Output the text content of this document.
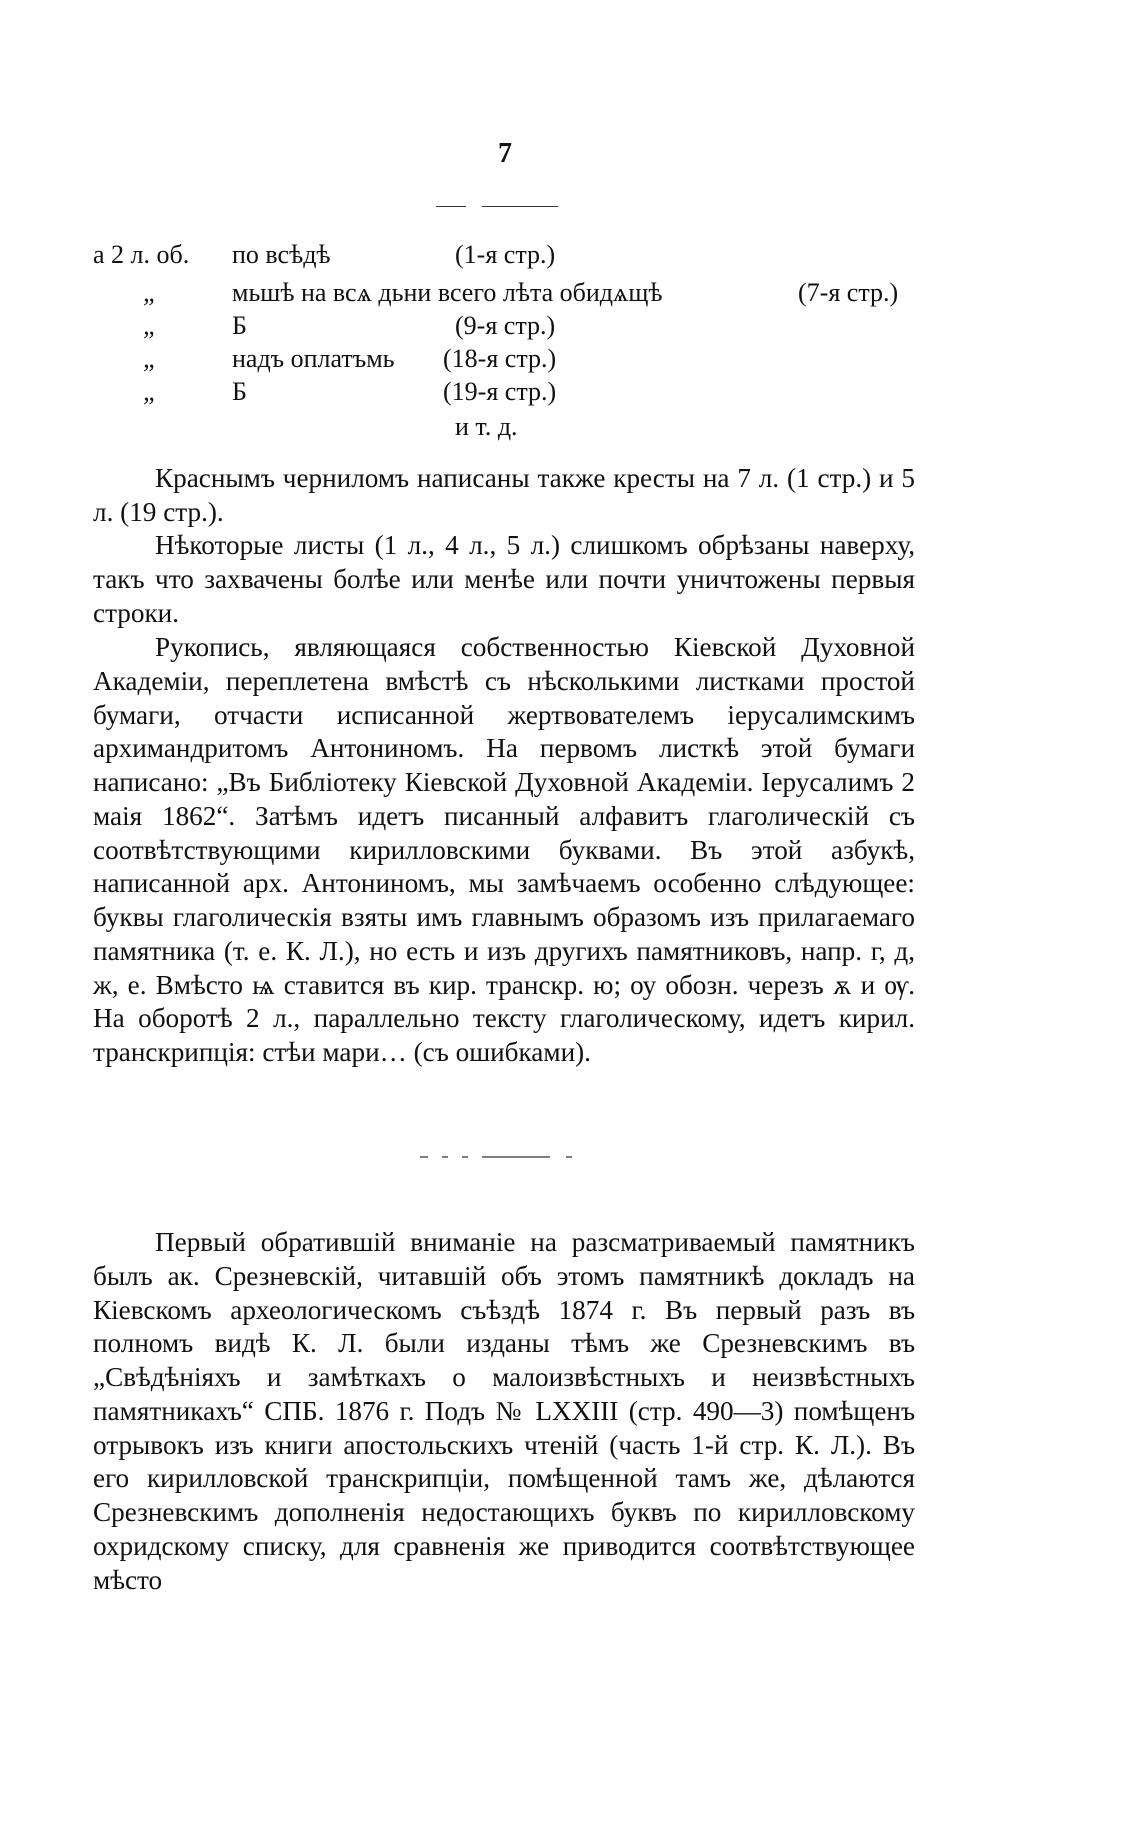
7
а 2 л. об. по всѣдѣ	(1-я стр.)
„	мьшѣ на всѧ дьни всего лѣта обидѧщѣ	(7-я стр.)
„	Б	(9-я стр.)
„	надъ оплатъмь (18-я стр.)
„	Б	(19-я стр.)
и т. д.

Краснымъ черниломъ написаны также кресты на 7 л. (1 стр.) и 5 л. (19 стр.).

Нѣкоторые листы (1 л., 4 л., 5 л.) слишкомъ обрѣзаны наверху, такъ что захвачены болѣе или менѣе или почти уничтожены первыя строки.

Рукопись, являющаяся собственностью Кіевской Духовной Академіи, переплетена вмѣстѣ съ нѣсколькими листками простой бумаги, отчасти исписанной жертвователемъ іерусалимскимъ архимандритомъ Антониномъ. На первомъ листкѣ этой бумаги написано: „Въ Библіотеку Кіевской Духовной Академіи. Іерусалимъ 2 маія 1862“. Затѣмъ идетъ писанный алфавитъ глаголическій съ соотвѣтствующими кирилловскими буквами. Въ этой азбукѣ, написанной арх. Антониномъ, мы замѣчаемъ особенно слѣдующее: буквы глаголическія взяты имъ главнымъ образомъ изъ прилагаемаго памятника (т. е. К. Л.), но есть и изъ другихъ памятниковъ, напр. г, д, ж, е. Вмѣсто ѩ ставится въ кир. транскр. ю; оу обозн. черезъ ѫ и ѹ. На оборотѣ 2 л., параллельно тексту глаголическому, идетъ кирил. транскрипція: стѣи мари… (съ ошибками).

Первый обратившій вниманіе на разсматриваемый памятникъ былъ ак. Срезневскій, читавшій объ этомъ памятникѣ докладъ на Кіевскомъ археологическомъ съѣздѣ 1874 г. Въ первый разъ въ полномъ видѣ К. Л. были изданы тѣмъ же Срезневскимъ въ „Свѣдѣніяхъ и замѣткахъ о малоизвѣстныхъ и неизвѣстныхъ памятникахъ“ СПБ. 1876 г. Подъ № LXXIII (стр. 490—3) помѣщенъ отрывокъ изъ книги апостольскихъ чтеній (часть 1-й стр. К. Л.). Въ его кирилловской транскрипціи, помѣщенной тамъ же, дѣлаются Срезневскимъ дополненія недостающихъ буквъ по кирилловскому охридскому списку, для сравненія же приводится соотвѣтствующее мѣсто
